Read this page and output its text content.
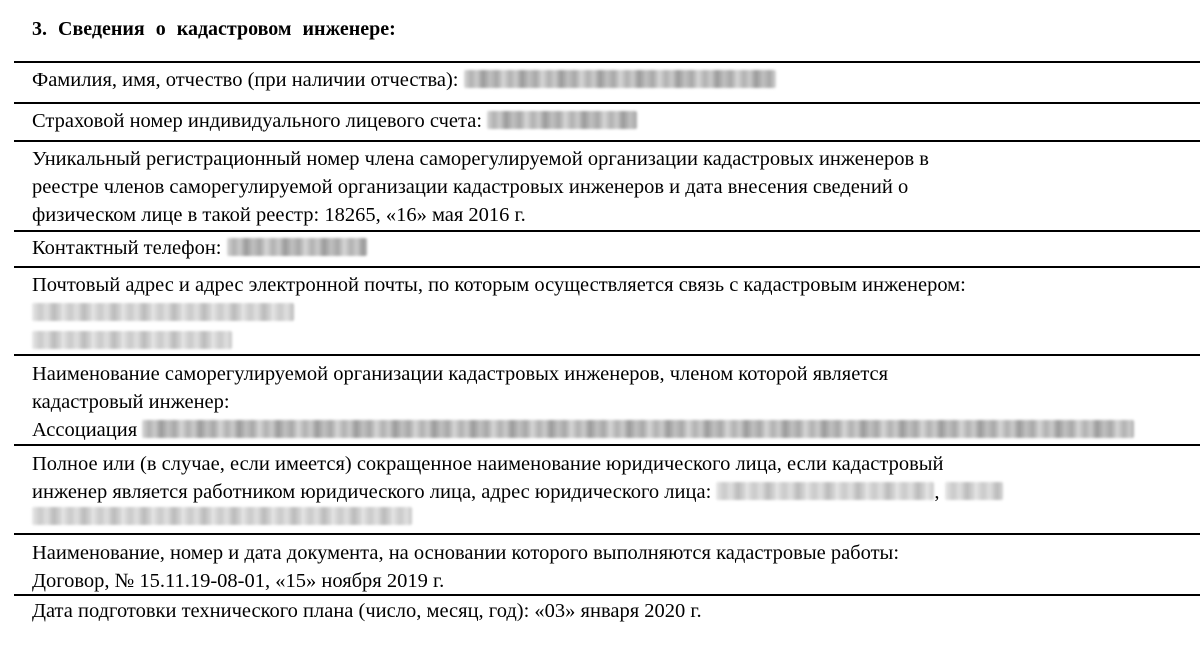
3. Сведения о кадастровом инженере:
Фамилия, имя, отчество (при наличии отчества):
Страховой номер индивидуального лицевого счета:
Уникальный регистрационный номер члена саморегулируемой организации кадастровых инженеров в
реестре членов саморегулируемой организации кадастровых инженеров и дата внесения сведений о
физическом лице в такой реестр: 18265, «16» мая 2016 г.
Контактный телефон:
Почтовый адрес и адрес электронной почты, по которым осуществляется связь с кадастровым инженером:
Наименование саморегулируемой организации кадастровых инженеров, членом которой является
кадастровый инженер:
Ассоциация
Полное или (в случае, если имеется) сокращенное наименование юридического лица, если кадастровый
инженер является работником юридического лица, адрес юридического лица:	,
Наименование, номер и дата документа, на основании которого выполняются кадастровые работы:
Договор, № 15.11.19-08-01, «15» ноября 2019 г.
Дата подготовки технического плана (число, месяц, год): «03» января 2020 г.
